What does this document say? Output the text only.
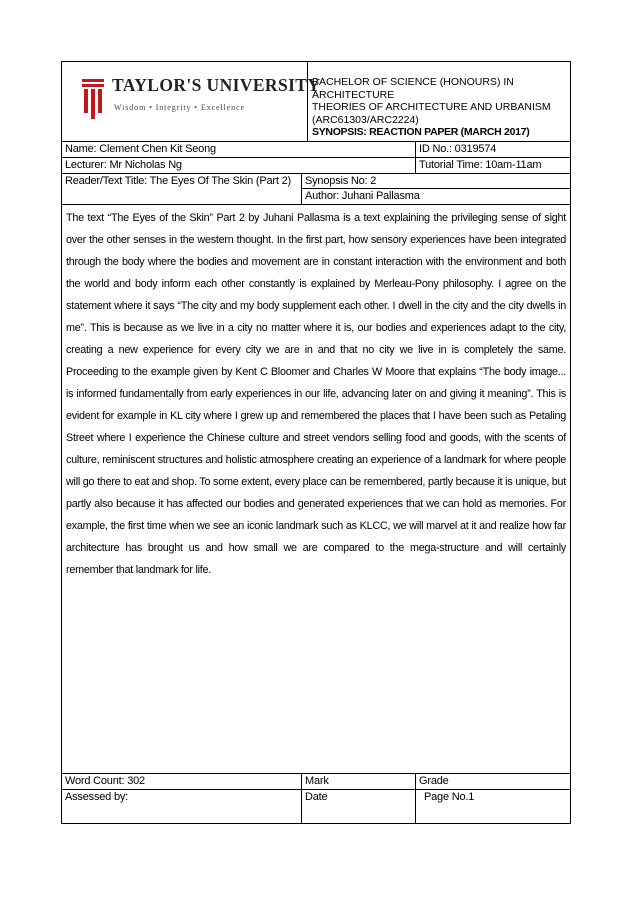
TAYLOR'S UNIVERSITY
Wisdom • Integrity • Excellence
BACHELOR OF SCIENCE (HONOURS) IN
ARCHITECTURE
THEORIES OF ARCHITECTURE AND URBANISM
(ARC61303/ARC2224)
SYNOPSIS: REACTION PAPER (MARCH 2017)
Name: Clement Chen Kit Seong	ID No.: 0319574
Lecturer: Mr Nicholas Ng	Tutorial Time: 10am-11am
Reader/Text Title: The Eyes Of The Skin (Part 2)	Synopsis No: 2
Author: Juhani Pallasma
The text “The Eyes of the Skin” Part 2 by Juhani Pallasma is a text explaining the privileging sense of sight over the other senses in the western thought. In the first part, how sensory experiences have been integrated through the body where the bodies and movement are in constant interaction with the environment and both the world and body inform each other constantly is explained by Merleau-Pony philosophy. I agree on the statement where it says “The city and my body supplement each other. I dwell in the city and the city dwells in me”. This is because as we live in a city no matter where it is, our bodies and experiences adapt to the city, creating a new experience for every city we are in and that no city we live in is completely the same. Proceeding to the example given by Kent C Bloomer and Charles W Moore that explains “The body image... is informed fundamentally from early experiences in our life, advancing later on and giving it meaning”. This is evident for example in KL city where I grew up and remembered the places that I have been such as Petaling Street where I experience the Chinese culture and street vendors selling food and goods, with the scents of culture, reminiscent structures and holistic atmosphere creating an experience of a landmark for where people will go there to eat and shop. To some extent, every place can be remembered, partly because it is unique, but partly also because it has affected our bodies and generated experiences that we can hold as memories. For example, the first time when we see an iconic landmark such as KLCC, we will marvel at it and realize how far architecture has brought us and how small we are compared to the mega-structure and will certainly remember that landmark for life.
Word Count: 302	Mark	Grade
Assessed by:	Date	Page No.1
